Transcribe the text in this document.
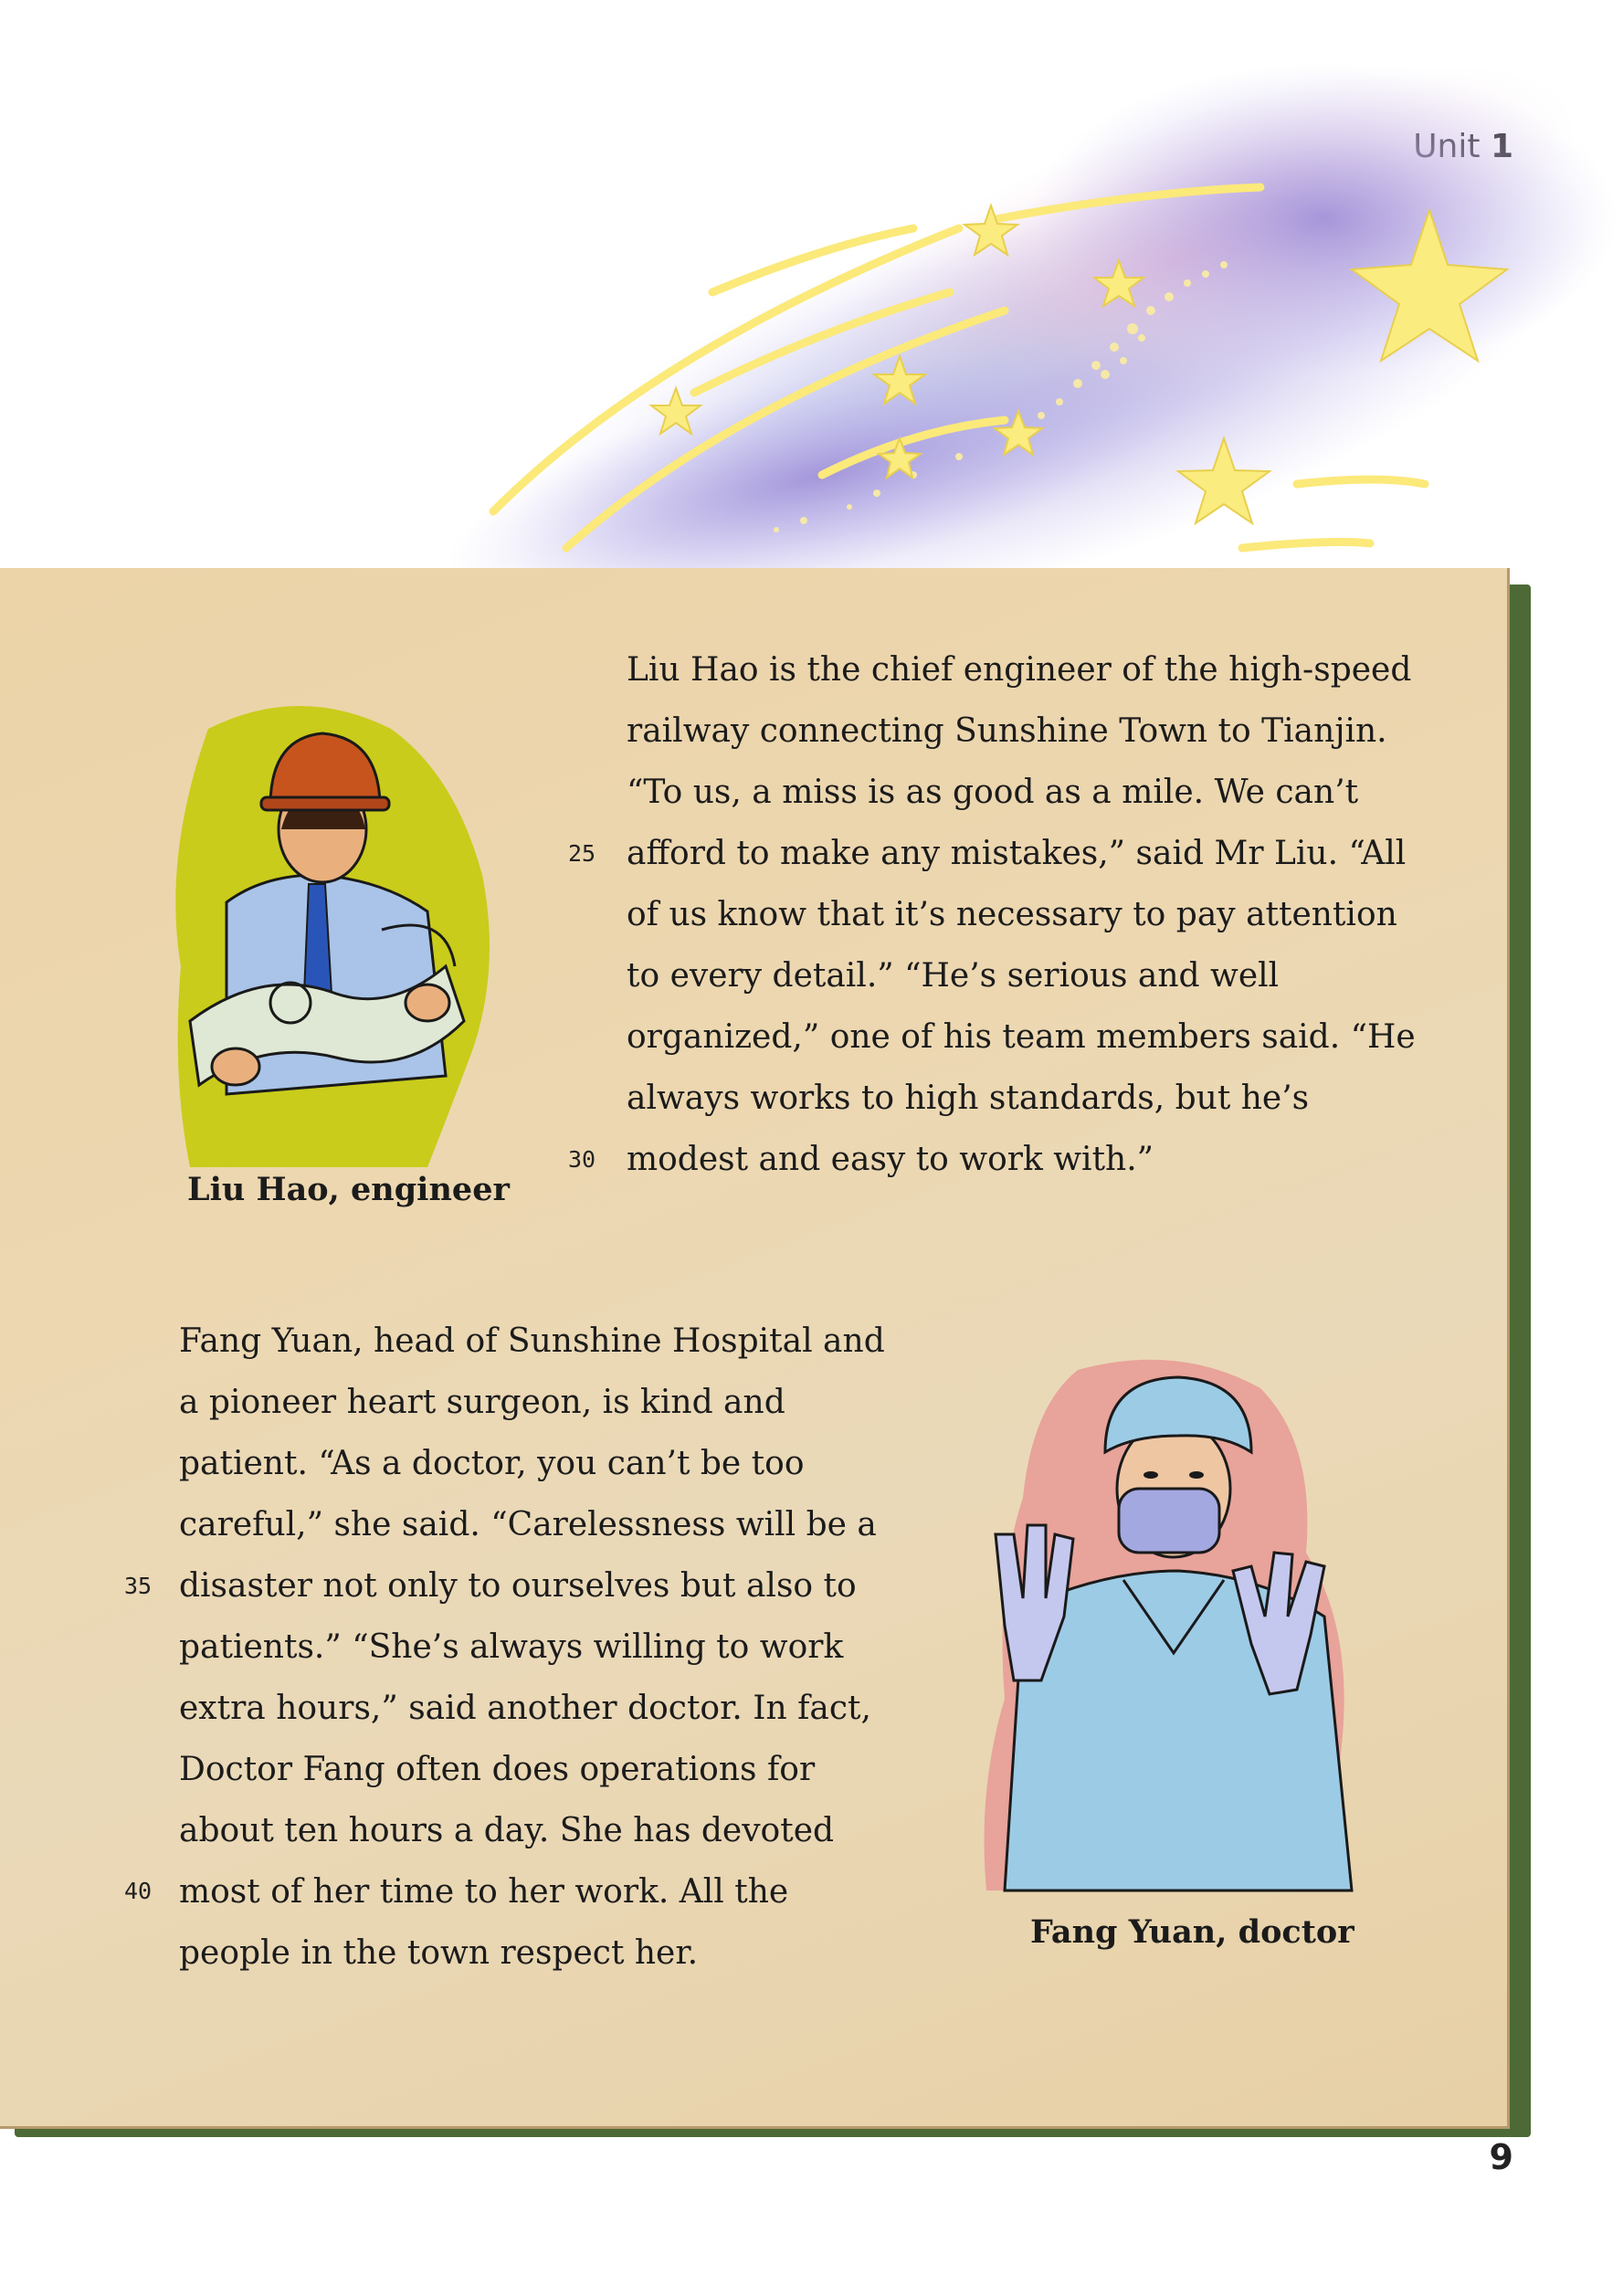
Liu Hao is the chief engineer of the high-speed
railway connecting Sunshine Town to Tianjin.
“To us, a miss is as good as a mile. We can’t
afford to make any mistakes,” said Mr Liu. “All
of us know that it’s necessary to pay attention
to every detail.” “He’s serious and well
organized,” one of his team members said. “He
always works to high standards, but he’s
modest and easy to work with.”
25
30
Liu Hao, engineer
Fang Yuan, head of Sunshine Hospital and
a pioneer heart surgeon, is kind and
patient. “As a doctor, you can’t be too
careful,” she said. “Carelessness will be a
disaster not only to ourselves but also to
patients.” “She’s always willing to work
extra hours,” said another doctor. In fact,
Doctor Fang often does operations for
about ten hours a day. She has devoted
most of her time to her work. All the
people in the town respect her.
35
40
Fang Yuan, doctor
9
